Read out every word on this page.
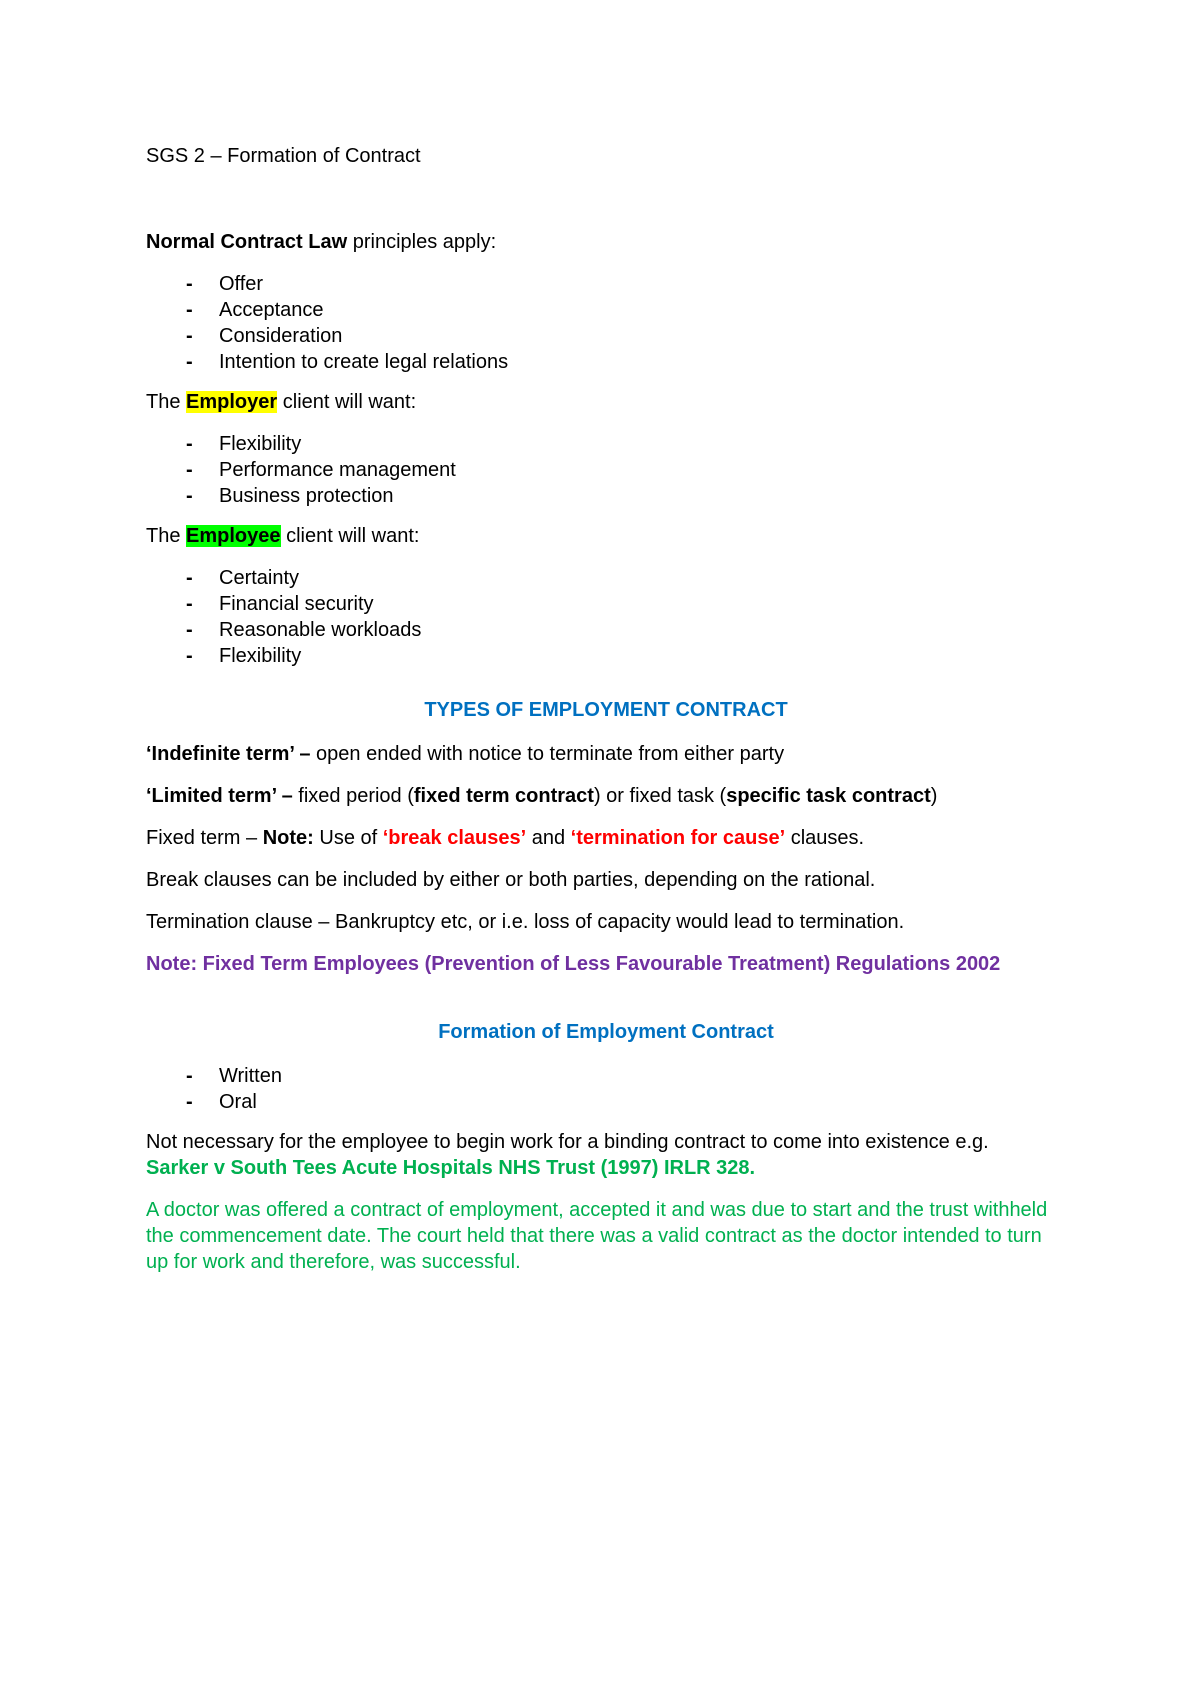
SGS 2 – Formation of Contract

Normal Contract Law principles apply:

- Offer
- Acceptance
- Consideration
- Intention to create legal relations

The Employer client will want:

- Flexibility
- Performance management
- Business protection

The Employee client will want:

- Certainty
- Financial security
- Reasonable workloads
- Flexibility

TYPES OF EMPLOYMENT CONTRACT

‘Indefinite term’ – open ended with notice to terminate from either party

‘Limited term’ – fixed period (fixed term contract) or fixed task (specific task contract)

Fixed term – Note: Use of ‘break clauses’ and ‘termination for cause’ clauses.

Break clauses can be included by either or both parties, depending on the rational.

Termination clause – Bankruptcy etc, or i.e. loss of capacity would lead to termination.

Note: Fixed Term Employees (Prevention of Less Favourable Treatment) Regulations 2002

Formation of Employment Contract

- Written
- Oral

Not necessary for the employee to begin work for a binding contract to come into existence e.g.
Sarker v South Tees Acute Hospitals NHS Trust (1997) IRLR 328.

A doctor was offered a contract of employment, accepted it and was due to start and the trust withheld the commencement date. The court held that there was a valid contract as the doctor intended to turn up for work and therefore, was successful.
